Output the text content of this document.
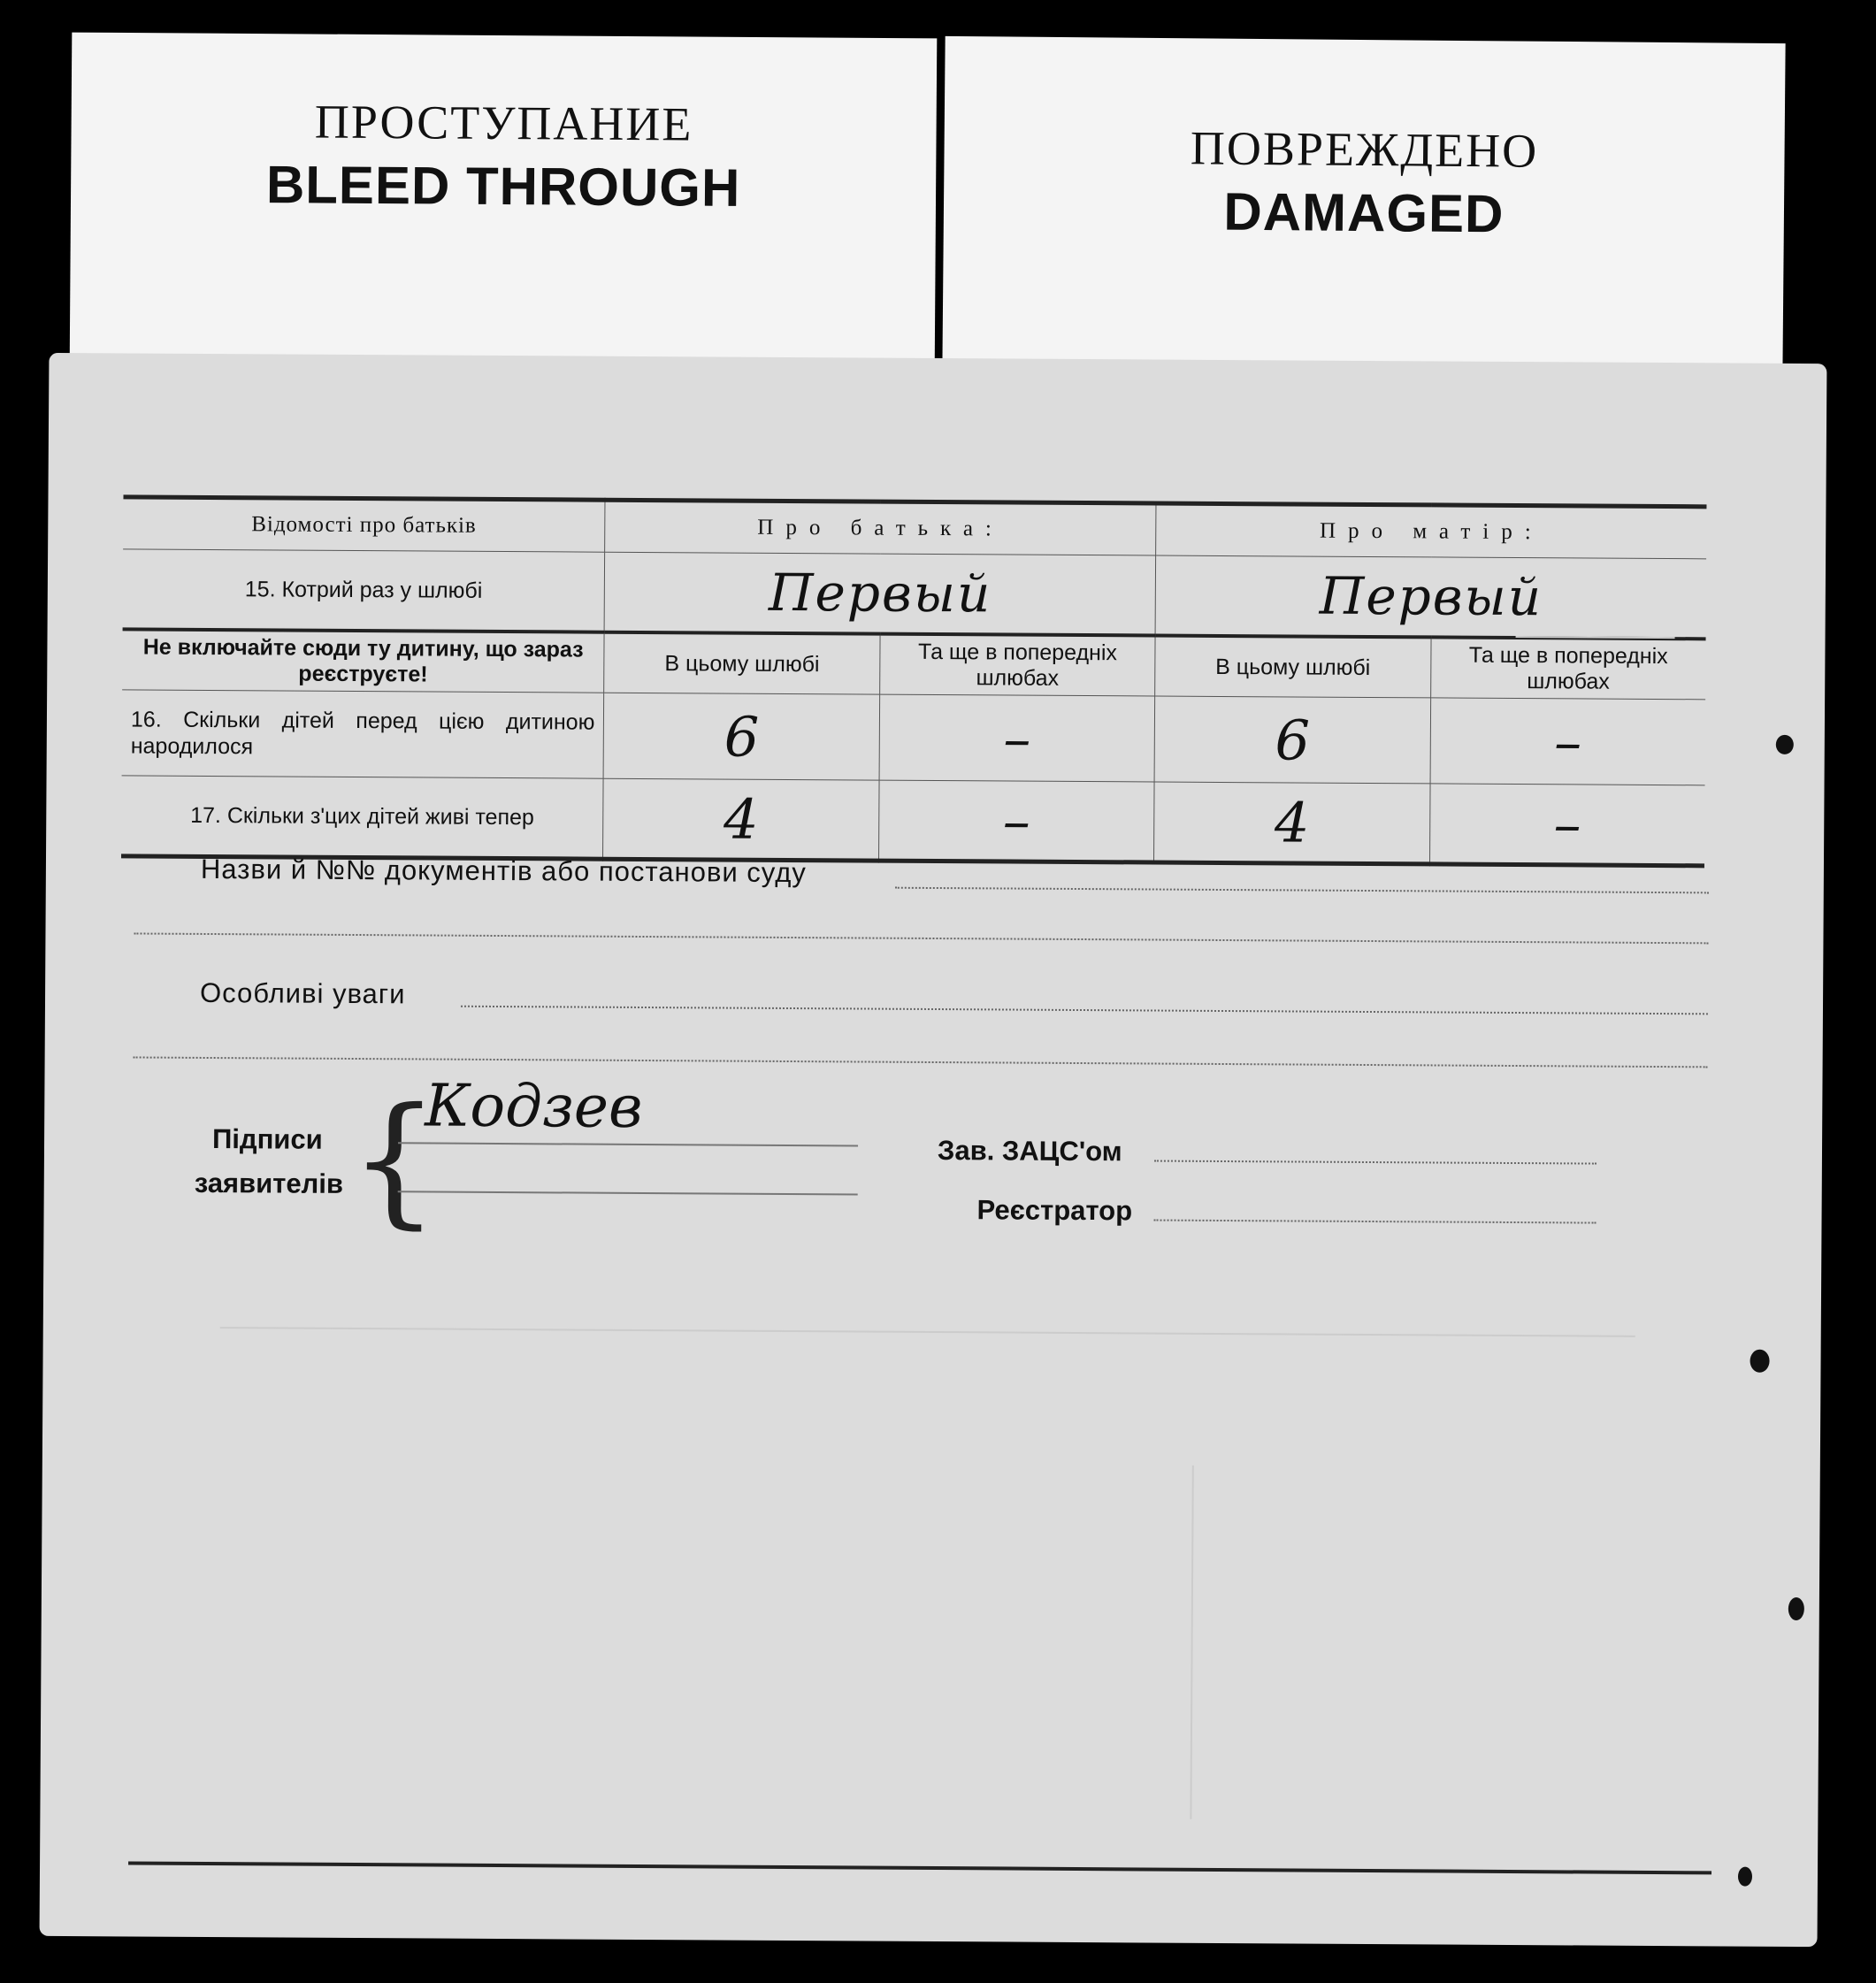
ПРОСТУПАНИЕ
BLEED THROUGH
ПОВРЕЖДЕНО
DAMAGED
Відомості про батьків	Про батька:		Про матір:	
15. Котрий раз у шлюбі	Первый		Первый	
Не включайте сюди ту дитину, що зараз реєструєте!	В цьому шлюбі	Та ще в попередніх шлюбах	В цьому шлюбі	Та ще в попередніх шлюбах
16. Скільки дітей перед цією дитиною народилося	6	–	6	–
17. Скільки з'цих дітей живі тепер	4	–	4	–
Назви й №№ документів або постанови суду
Особливі уваги
Підписи
заявителів {
Кодзев
Зав. ЗАЦС'ом
Реєстратор
